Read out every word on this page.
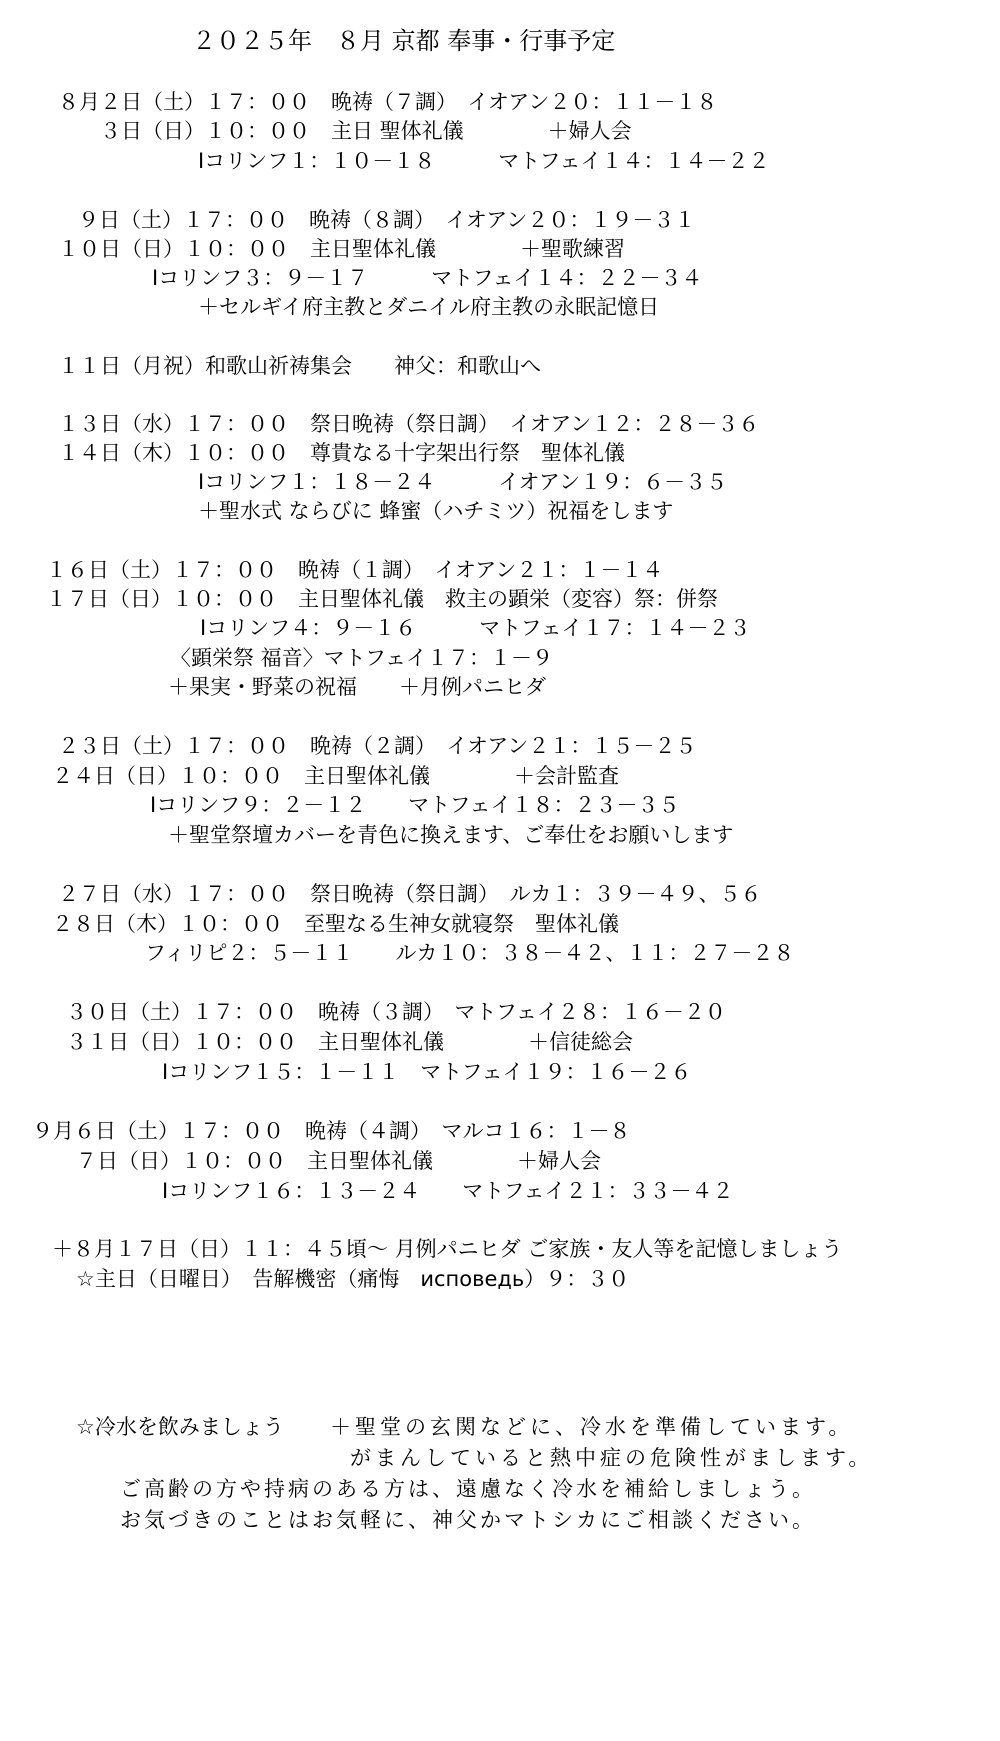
２０２５年　８月 京都 奉事・行事予定
８月２日（土）１７：００　晩祷（７調）　イオアン２０：１１－１８
３日（日）１０：００　主日 聖体礼儀　　　　＋婦人会
Ⅰコリンフ１：１０－１８　　　マトフェイ１４：１４－２２
９日（土）１７：００　晩祷（８調）　イオアン２０：１９－３１
１０日（日）１０：００　主日聖体礼儀　　　　＋聖歌練習
Ⅰコリンフ３：９－１７　　　マトフェイ１４：２２－３４
＋セルギイ府主教とダニイル府主教の永眠記憶日
１１日（月祝）和歌山祈祷集会　　神父：和歌山へ
１３日（水）１７：００　祭日晩祷（祭日調）　イオアン１２：２８－３６
１４日（木）１０：００　尊貴なる十字架出行祭　聖体礼儀
Ⅰコリンフ１：１８－２４　　　イオアン１９：６－３５
＋聖水式 ならびに 蜂蜜（ハチミツ）祝福をします
１６日（土）１７：００　晩祷（１調）　イオアン２１：１－１４
１７日（日）１０：００　主日聖体礼儀　救主の顕栄（変容）祭：併祭
Ⅰコリンフ４：９－１６　　　マトフェイ１７：１４－２３
〈顕栄祭 福音〉マトフェイ１７：１－９
＋果実・野菜の祝福　　＋月例パニヒダ
２３日（土）１７：００　晩祷（２調）　イオアン２１：１５－２５
２４日（日）１０：００　主日聖体礼儀　　　　＋会計監査
Ⅰコリンフ９：２－１２　　マトフェイ１８：２３－３５
＋聖堂祭壇カバーを青色に換えます、ご奉仕をお願いします
２７日（水）１７：００　祭日晩祷（祭日調）　ルカ１：３９－４９、５６
２８日（木）１０：００　至聖なる生神女就寝祭　聖体礼儀
フィリピ２：５－１１　　ルカ１０：３８－４２、１１：２７－２８
３０日（土）１７：００　晩祷（３調）　マトフェイ２８：１６－２０
３１日（日）１０：００　主日聖体礼儀　　　　＋信徒総会
Ⅰコリンフ１５：１－１１　マトフェイ１９：１６－２６
９月６日（土）１７：００　晩祷（４調）　マルコ１６：１－８
７日（日）１０：００　主日聖体礼儀　　　　＋婦人会
Ⅰコリンフ１６：１３－２４　　マトフェイ２１：３３－４２
＋８月１７日（日）１１：４５頃～ 月例パニヒダ ご家族・友人等を記憶しましょう
☆主日（日曜日）　告解機密（痛悔　исповедь）９：３０
☆冷水を飲みましょう ＋聖堂の玄関などに、冷水を準備しています。
がまんしていると熱中症の危険性がまします。
ご高齢の方や持病のある方は、遠慮なく冷水を補給しましょう。
お気づきのことはお気軽に、神父かマトシカにご相談ください。
